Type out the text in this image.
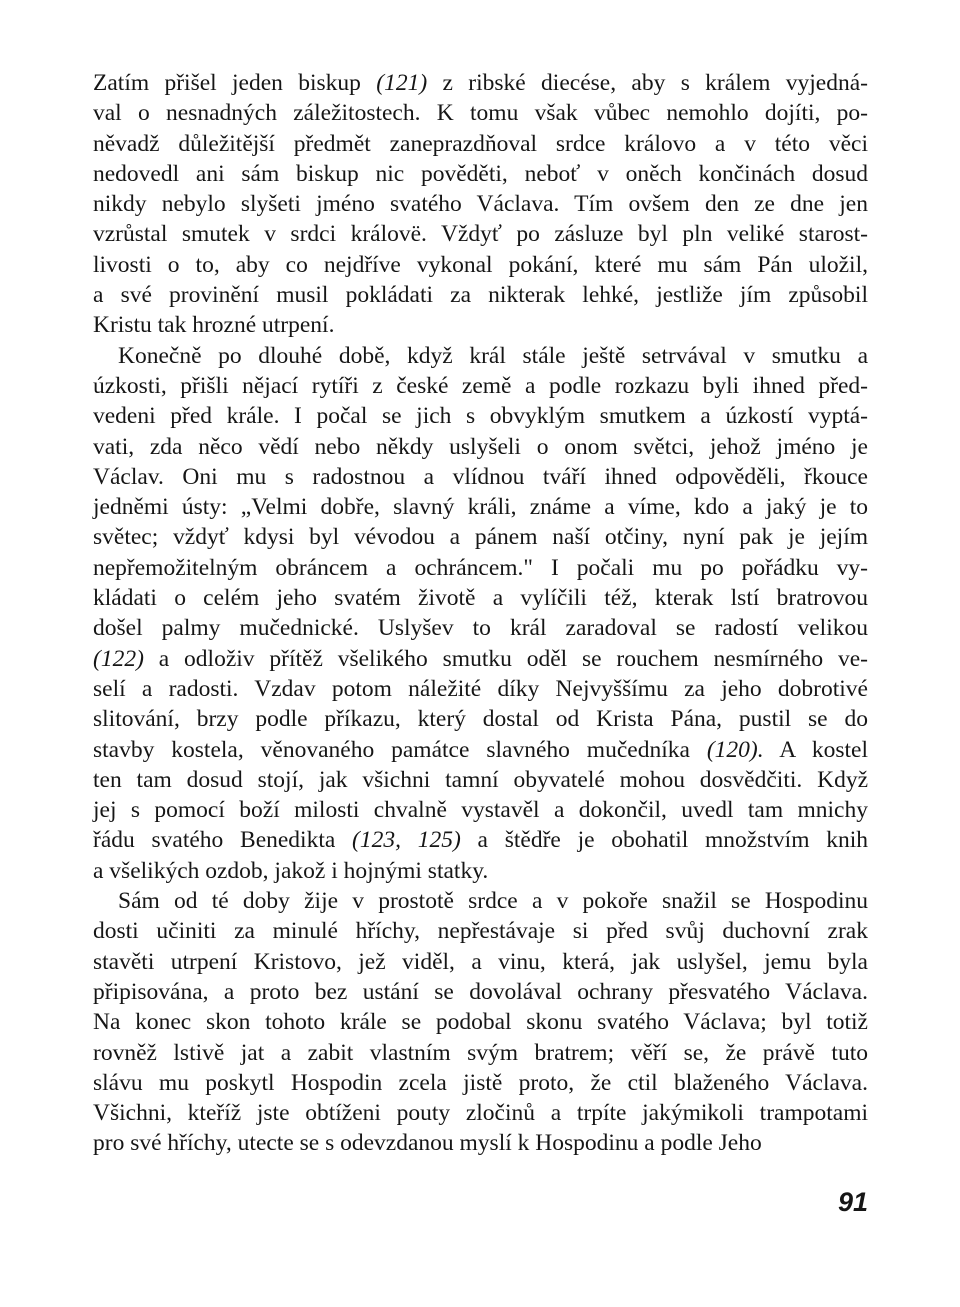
Zatím přišel jeden biskup (121) z ribské diecése, aby s králem vyjedná-
val o nesnadných záležitostech. K tomu však vůbec nemohlo dojíti, po-
něvadž důležitější předmět zaneprazdňoval srdce královo a v této věci
nedovedl ani sám biskup nic pověděti, neboť v oněch končinách dosud
nikdy nebylo slyšeti jméno svatého Václava. Tím ovšem den ze dne jen
vzrůstal smutek v srdci královë. Vždyť po zásluze byl pln veliké starost-
livosti o to, aby co nejdříve vykonal pokání, které mu sám Pán uložil,
a své provinění musil pokládati za nikterak lehké, jestliže jím způsobil
Kristu tak hrozné utrpení.
Konečně po dlouhé době, když král stále ještě setrvával v smutku a
úzkosti, přišli nějací rytíři z české země a podle rozkazu byli ihned před-
vedeni před krále. I počal se jich s obvyklým smutkem a úzkostí vyptá-
vati, zda něco vědí nebo někdy uslyšeli o onom světci, jehož jméno je
Václav. Oni mu s radostnou a vlídnou tváří ihned odpověděli, řkouce
jedněmi ústy: „Velmi dobře, slavný králi, známe a víme, kdo a jaký je to
světec; vždyť kdysi byl vévodou a pánem naší otčiny, nyní pak je jejím
nepřemožitelným obráncem a ochráncem." I počali mu po pořádku vy-
kládati o celém jeho svatém životě a vylíčili též, kterak lstí bratrovou
došel palmy mučednické. Uslyšev to král zaradoval se radostí velikou
(122) a odloživ přítěž všelikého smutku oděl se rouchem nesmírného ve-
selí a radosti. Vzdav potom náležité díky Nejvyššímu za jeho dobrotivé
slitování, brzy podle příkazu, který dostal od Krista Pána, pustil se do
stavby kostela, věnovaného památce slavného mučedníka (120). A kostel
ten tam dosud stojí, jak všichni tamní obyvatelé mohou dosvědčiti. Když
jej s pomocí boží milosti chvalně vystavěl a dokončil, uvedl tam mnichy
řádu svatého Benedikta (123, 125) a štědře je obohatil množstvím knih
a všelikých ozdob, jakož i hojnými statky.
Sám od té doby žije v prostotě srdce a v pokoře snažil se Hospodinu
dosti učiniti za minulé hříchy, nepřestávaje si před svůj duchovní zrak
stavěti utrpení Kristovo, jež viděl, a vinu, která, jak uslyšel, jemu byla
připisována, a proto bez ustání se dovolával ochrany přesvatého Václava.
Na konec skon tohoto krále se podobal skonu svatého Václava; byl totiž
rovněž lstivě jat a zabit vlastním svým bratrem; věří se, že právě tuto
slávu mu poskytl Hospodin zcela jistě proto, že ctil blaženého Václava.
Všichni, kteříž jste obtíženi pouty zločinů a trpíte jakýmikoli trampotami
pro své hříchy, utecte se s odevzdanou myslí k Hospodinu a podle Jeho
91
